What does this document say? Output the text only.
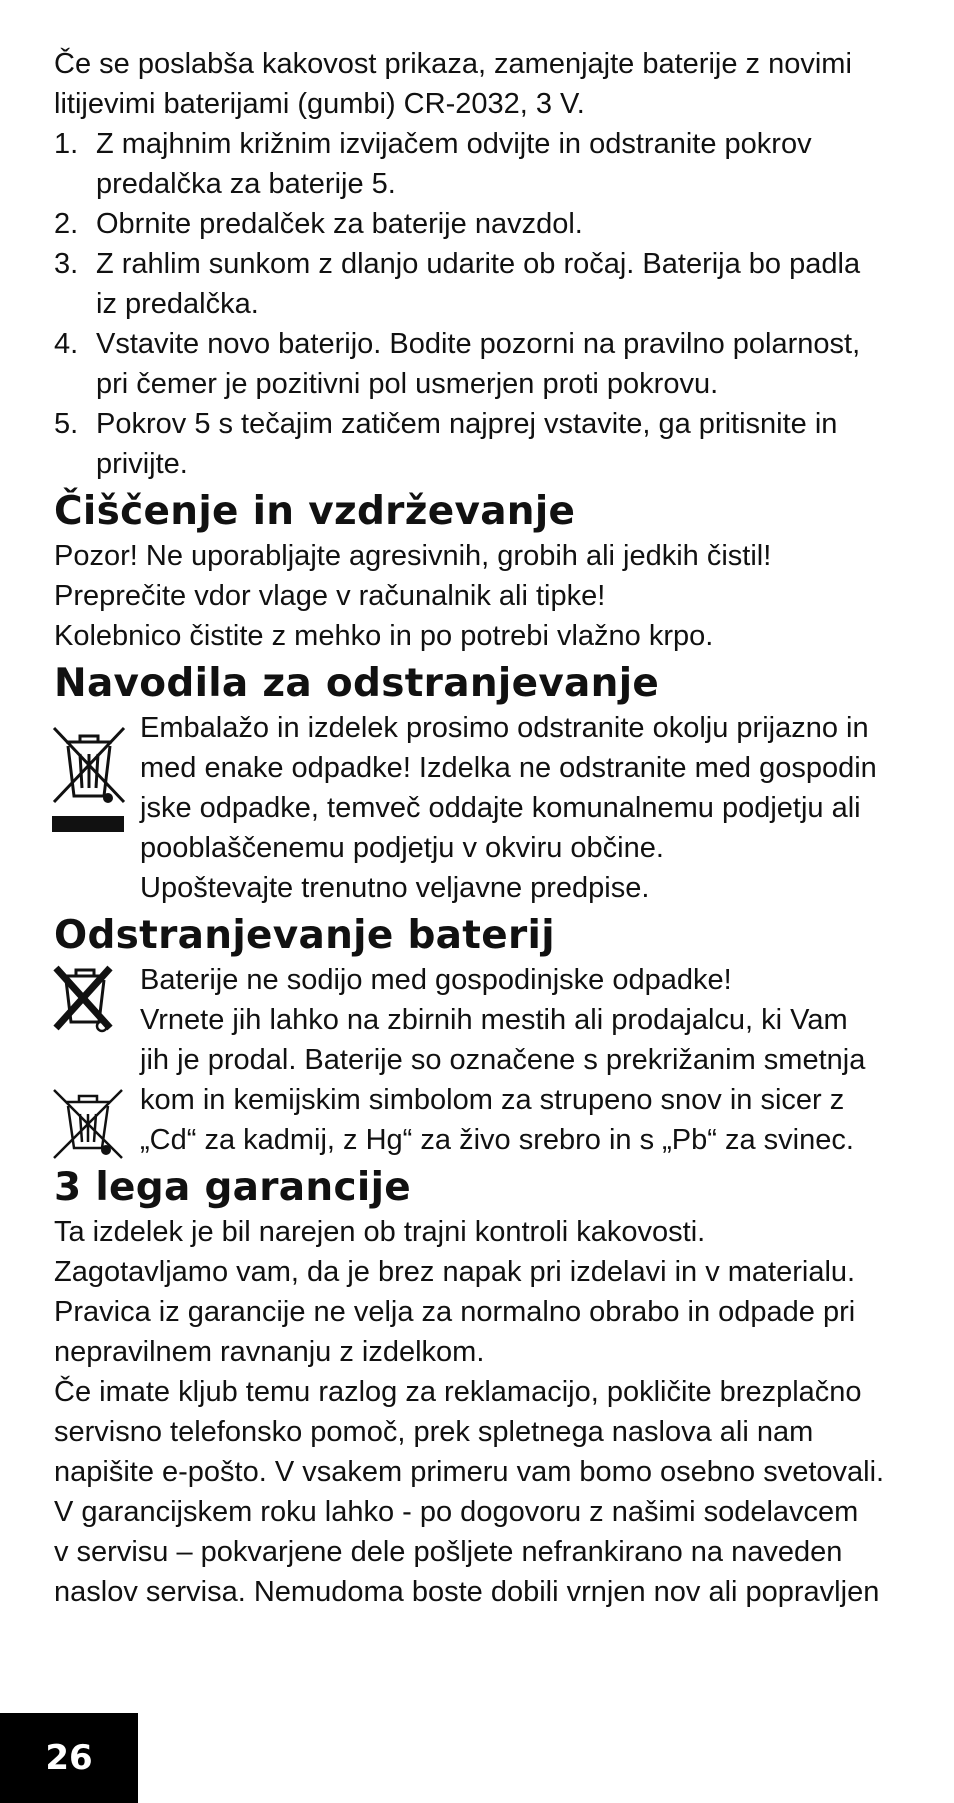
Če se poslabša kakovost prikaza, zamenjajte baterije z novimi

litijevimi baterijami (gumbi) CR-2032, 3 V.

1. Z majhnim križnim izvijačem odvijte in odstranite pokrov
predalčka za baterije 5.
2. Obrnite predalček za baterije navzdol.
3. Z rahlim sunkom z dlanjo udarite ob ročaj. Baterija bo padla
iz predalčka.
4. Vstavite novo baterijo. Bodite pozorni na pravilno polarnost,
pri čemer je pozitivni pol usmerjen proti pokrovu.
5. Pokrov 5 s tečajim zatičem najprej vstavite, ga pritisnite in
privijte.
Čiščenje in vzdrževanje

Pozor! Ne uporabljajte agresivnih, grobih ali jedkih čistil!

Preprečite vdor vlage v računalnik ali tipke!

Kolebnico čistite z mehko in po potrebi vlažno krpo.

Navodila za odstranjevanje

Embalažo in izdelek prosimo odstranite okolju prijazno in

med enake odpadke! Izdelka ne odstranite med gospodin

jske odpadke, temveč oddajte komunalnemu podjetju ali

pooblaščenemu podjetju v okviru občine.

Upoštevajte trenutno veljavne predpise.

Odstranjevanje baterij

Baterije ne sodijo med gospodinjske odpadke!

Vrnete jih lahko na zbirnih mestih ali prodajalcu, ki Vam

jih je prodal. Baterije so označene s prekrižanim smetnja

kom in kemijskim simbolom za strupeno snov in sicer z

„Cd“ za kadmij, z Hg“ za živo srebro in s „Pb“ za svinec.

3 lega garancije

Ta izdelek je bil narejen ob trajni kontroli kakovosti.

Zagotavljamo vam, da je brez napak pri izdelavi in v materialu.

Pravica iz garancije ne velja za normalno obrabo in odpade pri

nepravilnem ravnanju z izdelkom.

Če imate kljub temu razlog za reklamacijo, pokličite brezplačno

servisno telefonsko pomoč, prek spletnega naslova ali nam

napišite e-pošto. V vsakem primeru vam bomo osebno svetovali.

V garancijskem roku lahko - po dogovoru z našimi sodelavcem

v servisu – pokvarjene dele pošljete nefrankirano na naveden

naslov servisa. Nemudoma boste dobili vrnjen nov ali popravljen

26
